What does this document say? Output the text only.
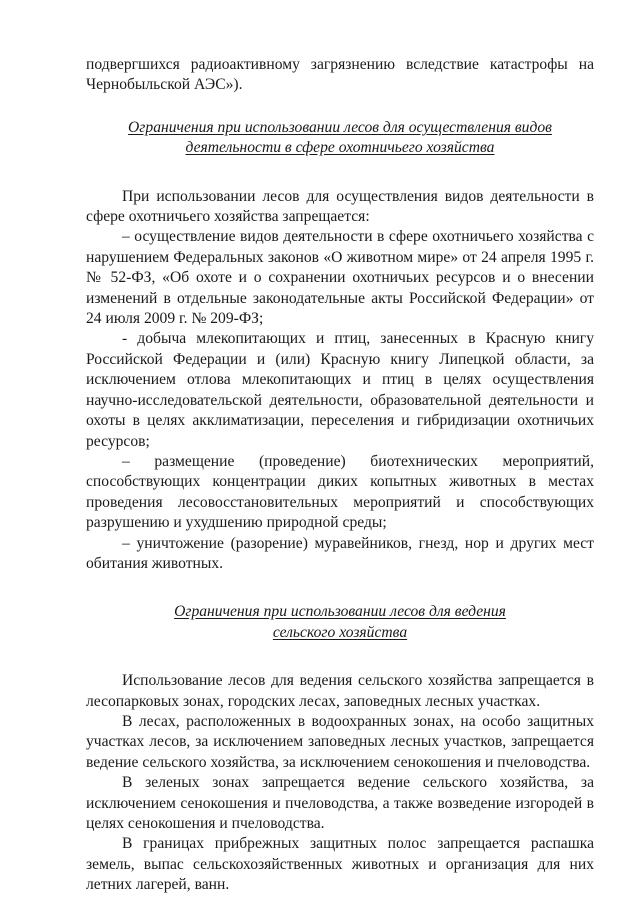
подвергшихся радиоактивному загрязнению вследствие катастрофы на Чернобыльской АЭС»).

Ограничения при использовании лесов для осуществления видов

деятельности в сфере охотничьего хозяйства

При использовании лесов для осуществления видов деятельности в сфере охотничьего хозяйства запрещается:

– осуществление видов деятельности в сфере охотничьего хозяйства с нарушением Федеральных законов «О животном мире» от 24 апреля 1995 г. № 52-ФЗ, «Об охоте и о сохранении охотничьих ресурсов и о внесении изменений в отдельные законодательные акты Российской Федерации» от 24 июля 2009 г. № 209-ФЗ;

- добыча млекопитающих и птиц, занесенных в Красную книгу Российской Федерации и (или) Красную книгу Липецкой области, за исключением отлова млекопитающих и птиц в целях осуществления научно-исследовательской деятельности, образовательной деятельности и охоты в целях акклиматизации, переселения и гибридизации охотничьих ресурсов;

– размещение (проведение) биотехнических мероприятий, способствующих концентрации диких копытных животных в местах проведения лесовосстановительных мероприятий и способствующих разрушению и ухудшению природной среды;

– уничтожение (разорение) муравейников, гнезд, нор и других мест обитания животных.

Ограничения при использовании лесов для ведения

сельского хозяйства

Использование лесов для ведения сельского хозяйства запрещается в лесопарковых зонах, городских лесах, заповедных лесных участках.

В лесах, расположенных в водоохранных зонах, на особо защитных участках лесов, за исключением заповедных лесных участков, запрещается ведение сельского хозяйства, за исключением сенокошения и пчеловодства.

В зеленых зонах запрещается ведение сельского хозяйства, за исключением сенокошения и пчеловодства, а также возведение изгородей в целях сенокошения и пчеловодства.

В границах прибрежных защитных полос запрещается распашка земель, выпас сельскохозяйственных животных и организация для них летних лагерей, ванн.
